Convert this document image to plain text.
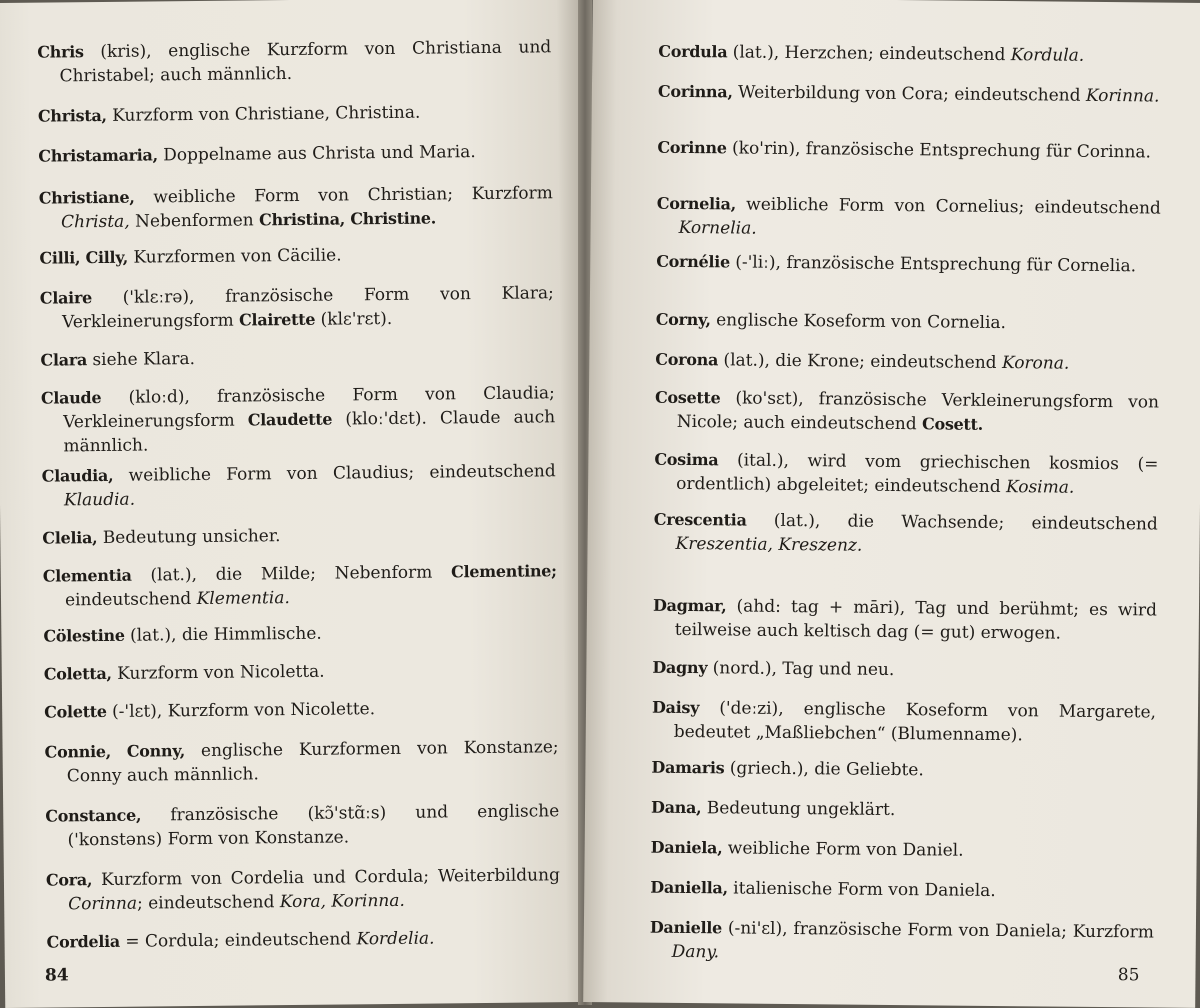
Chris (kris), englische Kurzform von Christiana und Christabel; auch männlich.

Christa, Kurzform von Christiane, Christina.

Christamaria, Doppelname aus Christa und Maria.

Christiane, weibliche Form von Christian; Kurzform Christa, Nebenformen Christina, Christine.

Cilli, Cilly, Kurzformen von Cäcilie.

Claire ('klɛːrə), französische Form von Klara; Verkleinerungsform Clairette (klɛ'rɛt).

Clara siehe Klara.

Claude (kloːd), französische Form von Claudia; Verkleinerungsform Claudette (kloː'dɛt). Claude auch männlich.

Claudia, weibliche Form von Claudius; eindeutschend Klaudia.

Clelia, Bedeutung unsicher.

Clementia (lat.), die Milde; Nebenform Clementine; eindeutschend Klementia.

Cölestine (lat.), die Himmlische.

Coletta, Kurzform von Nicoletta.

Colette (-'lɛt), Kurzform von Nicolette.

Connie, Conny, englische Kurzformen von Konstanze; Conny auch männlich.

Constance, französische (kɔ̃'stɑ̃ːs) und englische ('konstəns) Form von Konstanze.

Cora, Kurzform von Cordelia und Cordula; Weiterbildung Corinna; eindeutschend Kora, Korinna.

Cordelia = Cordula; eindeutschend Kordelia.

84

Cordula (lat.), Herzchen; eindeutschend Kordula.

Corinna, Weiterbildung von Cora; eindeutschend Korinna.

Corinne (ko'rin), französische Entsprechung für Corinna.

Cornelia, weibliche Form von Cornelius; eindeutschend Kornelia.

Cornélie (-'liː), französische Entsprechung für Cornelia.

Corny, englische Koseform von Cornelia.

Corona (lat.), die Krone; eindeutschend Korona.

Cosette (ko'sɛt), französische Verkleinerungsform von Nicole; auch eindeutschend Cosett.

Cosima (ital.), wird vom griechischen kosmios (= ordentlich) abgeleitet; eindeutschend Kosima.

Crescentia (lat.), die Wachsende; eindeutschend Kreszentia, Kreszenz.

Dagmar, (ahd: tag + māri), Tag und berühmt; es wird teilweise auch keltisch dag (= gut) erwogen.

Dagny (nord.), Tag und neu.

Daisy ('deːzi), englische Koseform von Margarete, bedeutet „Maßliebchen“ (Blumenname).

Damaris (griech.), die Geliebte.

Dana, Bedeutung ungeklärt.

Daniela, weibliche Form von Daniel.

Daniella, italienische Form von Daniela.

Danielle (-ni'ɛl), französische Form von Daniela; Kurzform Dany.

85
